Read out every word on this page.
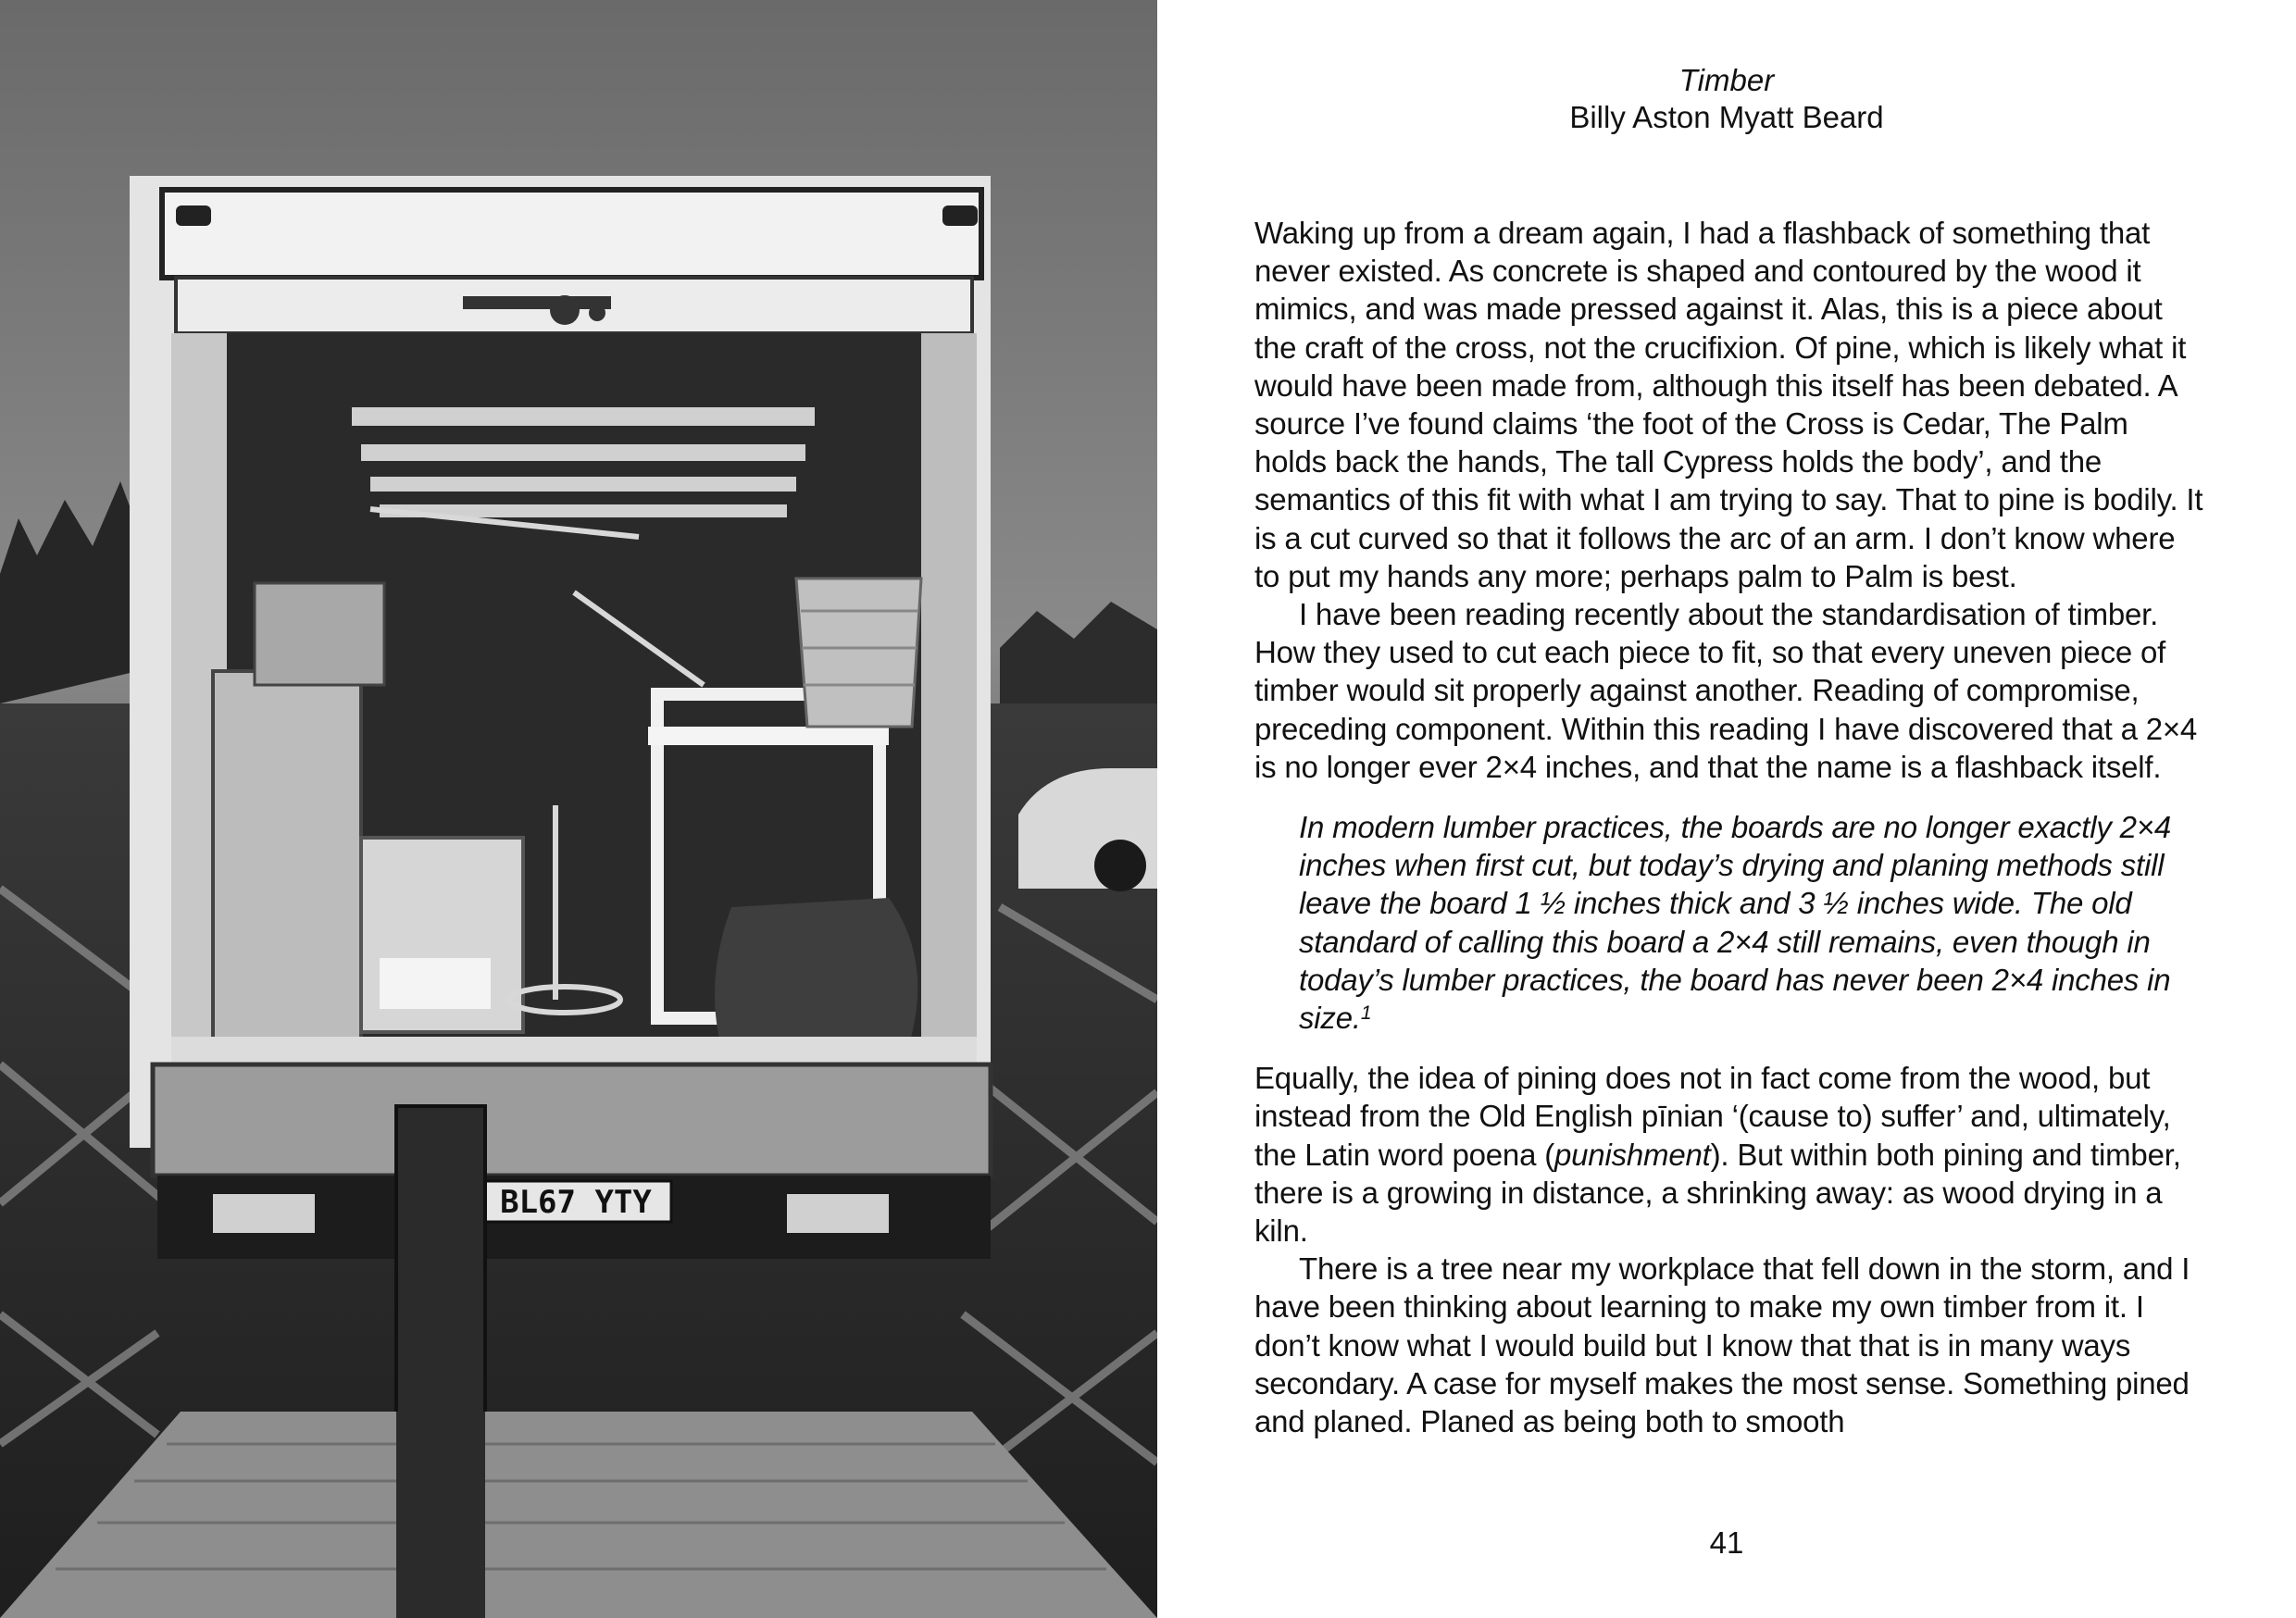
BL67 YTY
Timber
Billy Aston Myatt Beard

Waking up from a dream again, I had a flashback of something that never existed. As concrete is shaped and contoured by the wood it mimics, and was made pressed against it. Alas, this is a piece about the craft of the cross, not the crucifixion. Of pine, which is likely what it would have been made from, although this itself has been debated. A source I’ve found claims ‘the foot of the Cross is Cedar, The Palm holds back the hands, The tall Cypress holds the body’, and the semantics of this fit with what I am trying to say. That to pine is bodily. It is a cut curved so that it follows the arc of an arm. I don’t know where to put my hands any more; perhaps palm to Palm is best.

I have been reading recently about the standardisation of timber. How they used to cut each piece to fit, so that every uneven piece of timber would sit properly against another. Reading of compromise, preceding component. Within this reading I have discovered that a 2×4 is no longer ever 2×4 inches, and that the name is a flashback itself.

In modern lumber practices, the boards are no longer exactly 2×4 inches when first cut, but today’s drying and planing methods still leave the board 1 ½ inches thick and 3 ½ inches wide. The old standard of calling this board a 2×4 still remains, even though in today’s lumber practices, the board has never been 2×4 inches in size.$^1$

Equally, the idea of pining does not in fact come from the wood, but instead from the Old English pīnian ‘(cause to) suffer’ and, ultimately, the Latin word poena (punishment). But within both pining and timber, there is a growing in distance, a shrinking away: as wood drying in a kiln.

There is a tree near my workplace that fell down in the storm, and I have been thinking about learning to make my own timber from it. I don’t know what I would build but I know that that is in many ways secondary. A case for myself makes the most sense. Something pined and planed. Planed as being both to smooth

41
